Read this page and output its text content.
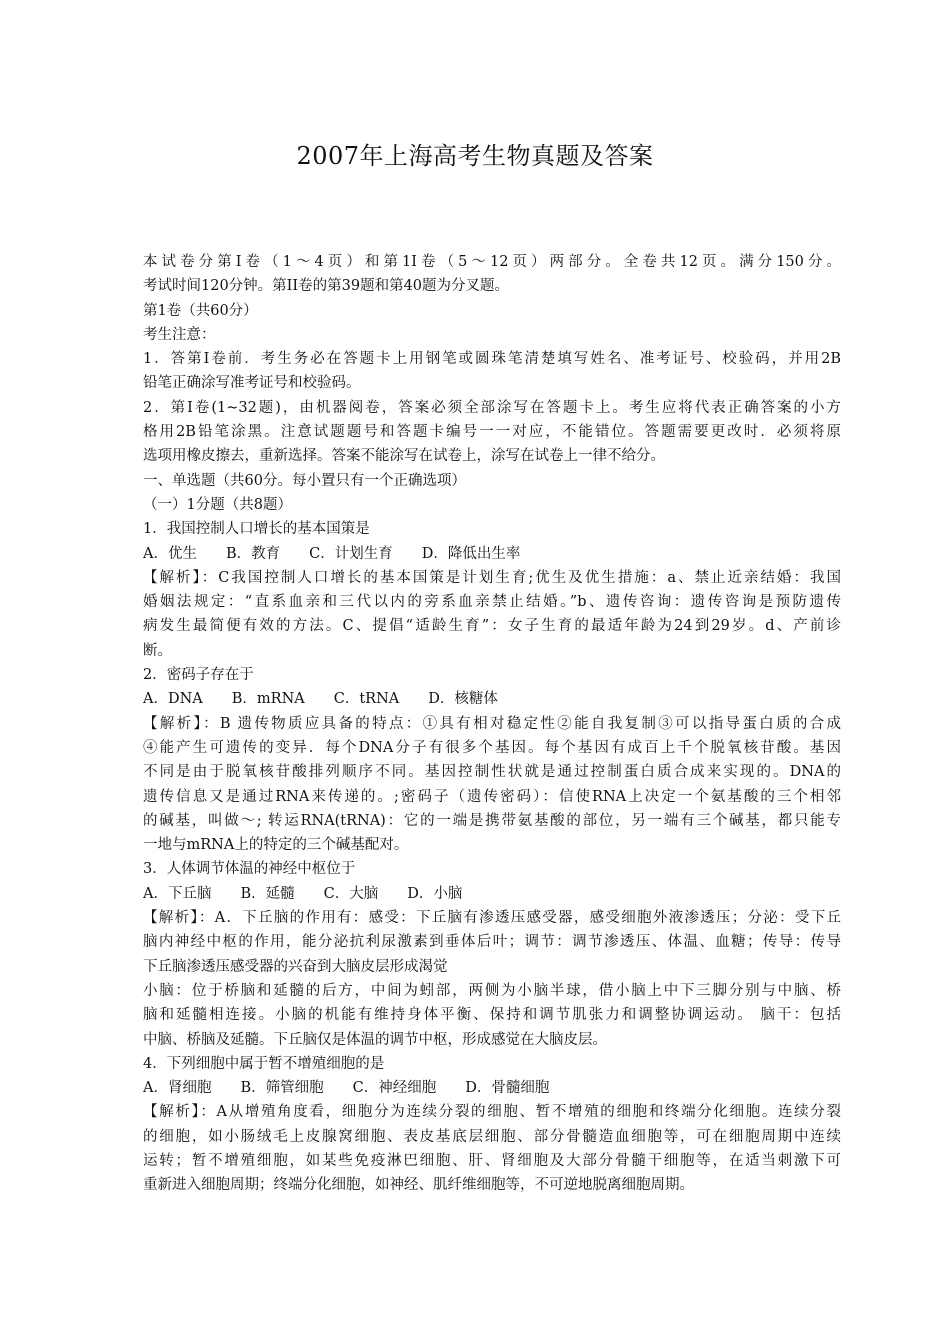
2007年上海高考生物真题及答案
本试卷分第Ⅰ卷（1～4页）和第1I卷（5～12页）两部分。全卷共12页。满分150分。
考试时间120分钟。第II卷的第39题和第40题为分叉题。
第1卷（共60分）
考生注意：
1．答第Ⅰ卷前．考生务必在答题卡上用钢笔或圆珠笔清楚填写姓名、准考证号、校验码，并用2B
铅笔正确涂写准考证号和校验码。
2．第Ⅰ卷(1~32题)，由机器阅卷，答案必须全部涂写在答题卡上。考生应将代表正确答案的小方
格用2B铅笔涂黑。注意试题题号和答题卡编号一一对应，不能错位。答题需要更改时．必须将原
选项用橡皮擦去，重新选择。答案不能涂写在试卷上，涂写在试卷上一律不给分。
一、单选题（共60分。每小置只有一个正确选项）
（一）1分题（共8题）
1．我国控制人口增长的基本国策是
A．优生　　B．教育　　C．计划生育　　D．降低出生率
【解析】：C我国控制人口增长的基本国策是计划生育;优生及优生措施：a、禁止近亲结婚：我国
婚姻法规定：“直系血亲和三代以内的旁系血亲禁止结婚。”b、遗传咨询：遗传咨询是预防遗传
病发生最简便有效的方法。C、提倡“适龄生育”：女子生育的最适年龄为24到29岁。d、产前诊
断。
2．密码子存在于
A．DNA　　B．mRNA　　C．tRNA　　D．核糖体
【解析】：B 遗传物质应具备的特点：①具有相对稳定性②能自我复制③可以指导蛋白质的合成
④能产生可遗传的变异．每个DNA分子有很多个基因。每个基因有成百上千个脱氧核苷酸。基因
不同是由于脱氧核苷酸排列顺序不同。基因控制性状就是通过控制蛋白质合成来实现的。DNA的
遗传信息又是通过RNA来传递的。;密码子（遗传密码）：信使RNA上决定一个氨基酸的三个相邻
的碱基，叫做～; 转运RNA(tRNA)：它的一端是携带氨基酸的部位，另一端有三个碱基，都只能专
一地与mRNA上的特定的三个碱基配对。
3．人体调节体温的神经中枢位于
A．下丘脑　　B．延髓　　C．大脑　　D．小脑
【解析】：A．下丘脑的作用有：感受：下丘脑有渗透压感受器，感受细胞外液渗透压；分泌：受下丘
脑内神经中枢的作用，能分泌抗利尿激素到垂体后叶；调节：调节渗透压、体温、血糖；传导：传导
下丘脑渗透压感受器的兴奋到大脑皮层形成渴觉
小脑：位于桥脑和延髓的后方，中间为蚓部，两侧为小脑半球，借小脑上中下三脚分别与中脑、桥
脑和延髓相连接。小脑的机能有维持身体平衡、保持和调节肌张力和调整协调运动。 脑干：包括
中脑、桥脑及延髓。下丘脑仅是体温的调节中枢，形成感觉在大脑皮层。
4．下列细胞中属于暂不增殖细胞的是
A．肾细胞　　B．筛管细胞　　C．神经细胞　　D．骨髓细胞
【解析】：A从增殖角度看，细胞分为连续分裂的细胞、暂不增殖的细胞和终端分化细胞。连续分裂
的细胞，如小肠绒毛上皮腺窝细胞、表皮基底层细胞、部分骨髓造血细胞等，可在细胞周期中连续
运转；暂不增殖细胞，如某些免疫淋巴细胞、肝、肾细胞及大部分骨髓干细胞等，在适当刺激下可
重新进入细胞周期；终端分化细胞，如神经、肌纤维细胞等，不可逆地脱离细胞周期。
